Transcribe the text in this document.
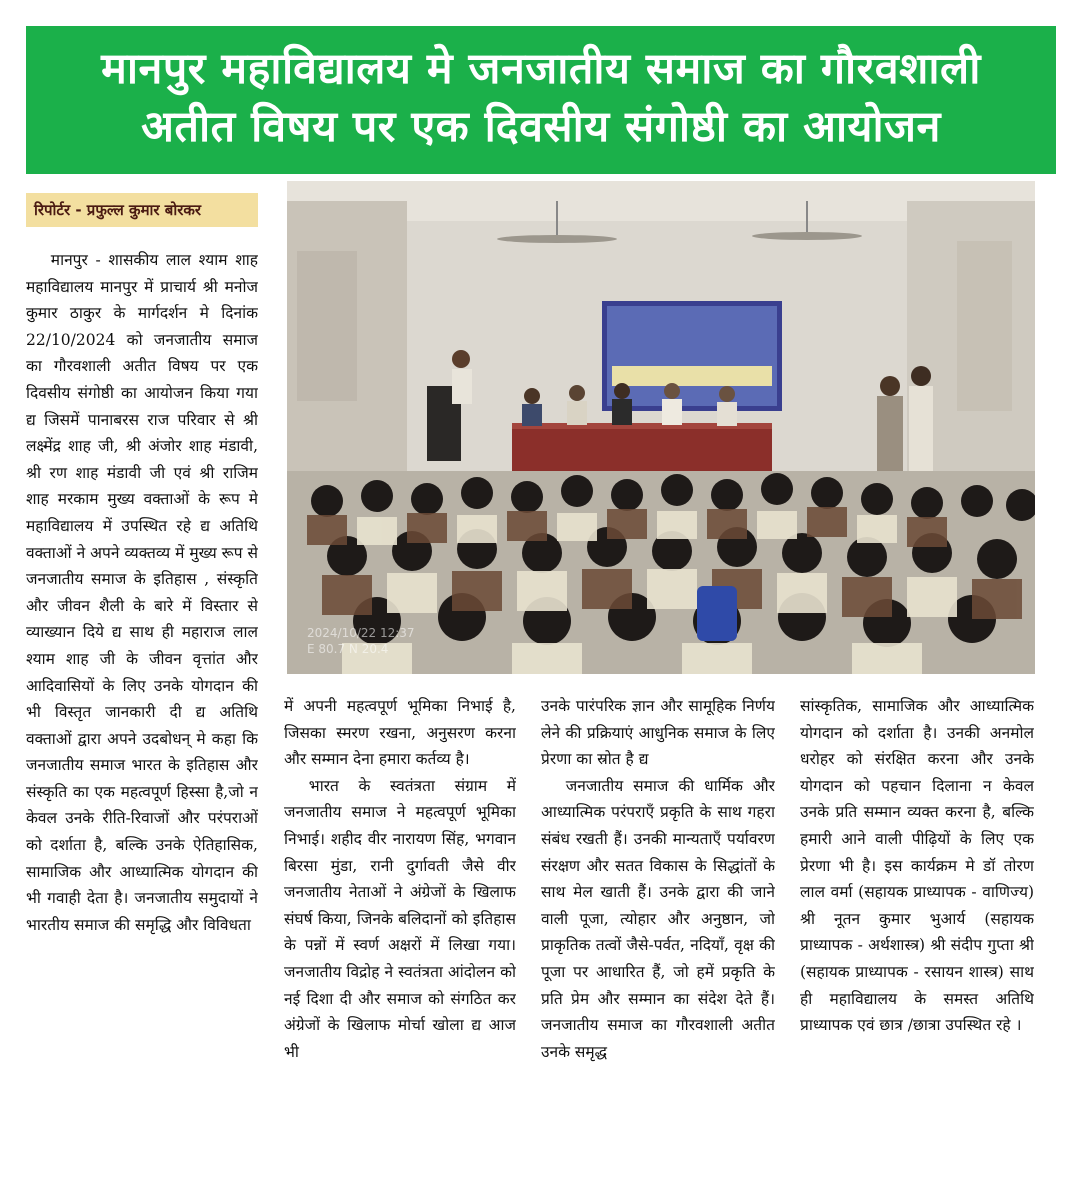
मानपुर महाविद्यालय मे जनजातीय समाज का गौरवशाली
अतीत विषय पर एक दिवसीय संगोष्ठी का आयोजन
रिपोर्टर - प्रफुल्ल कुमार बोरकर
2024/10/22 12:37
E 80.7 N 20.4

मानपुर - शासकीय लाल श्याम शाह महाविद्यालय मानपुर में प्राचार्य श्री मनोज कुमार ठाकुर के मार्गदर्शन मे दिनांक 22/10/2024 को जनजातीय समाज का गौरवशाली अतीत विषय पर एक दिवसीय संगोष्ठी का आयोजन किया गया द्य जिसमें पानाबरस राज परिवार से श्री लक्ष्मेंद्र शाह जी, श्री अंजोर शाह मंडावी, श्री रण शाह मंडावी जी एवं श्री राजिम शाह मरकाम मुख्य वक्ताओं के रूप मे महाविद्यालय में उपस्थित रहे द्य अतिथि वक्ताओं ने अपने व्यक्तव्य में मुख्य रूप से जनजातीय समाज के इतिहास , संस्कृति और जीवन शैली के बारे में विस्तार से व्याख्यान दिये द्य साथ ही महाराज लाल श्याम शाह जी के जीवन वृत्तांत और आदिवासियों के लिए उनके योगदान की भी विस्तृत जानकारी दी द्य अतिथि वक्ताओं द्वारा अपने उदबोधन् मे कहा कि जनजातीय समाज भारत के इतिहास और संस्कृति का एक महत्वपूर्ण हिस्सा है,जो न केवल उनके रीति-रिवाजों और परंपराओं को दर्शाता है, बल्कि उनके ऐतिहासिक, सामाजिक और आध्यात्मिक योगदान की भी गवाही देता है। जनजातीय समुदायों ने भारतीय समाज की समृद्धि और विविधता

में अपनी महत्वपूर्ण भूमिका निभाई है, जिसका स्मरण रखना, अनुसरण करना और सम्मान देना हमारा कर्तव्य है।

भारत के स्वतंत्रता संग्राम में जनजातीय समाज ने महत्वपूर्ण भूमिका निभाई। शहीद वीर नारायण सिंह, भगवान बिरसा मुंडा, रानी दुर्गावती जैसे वीर जनजातीय नेताओं ने अंग्रेजों के खिलाफ संघर्ष किया, जिनके बलिदानों को इतिहास के पन्नों में स्वर्ण अक्षरों में लिखा गया। जनजातीय विद्रोह ने स्वतंत्रता आंदोलन को नई दिशा दी और समाज को संगठित कर अंग्रेजों के खिलाफ मोर्चा खोला द्य आज भी

उनके पारंपरिक ज्ञान और सामूहिक निर्णय लेने की प्रक्रियाएं आधुनिक समाज के लिए प्रेरणा का स्रोत है द्य

जनजातीय समाज की धार्मिक और आध्यात्मिक परंपराएँ प्रकृति के साथ गहरा संबंध रखती हैं। उनकी मान्यताएँ पर्यावरण संरक्षण और सतत विकास के सिद्धांतों के साथ मेल खाती हैं। उनके द्वारा की जाने वाली पूजा, त्योहार और अनुष्ठान, जो प्राकृतिक तत्वों जैसे-पर्वत, नदियाँ, वृक्ष की पूजा पर आधारित हैं, जो हमें प्रकृति के प्रति प्रेम और सम्मान का संदेश देते हैं। जनजातीय समाज का गौरवशाली अतीत उनके समृद्ध

सांस्कृतिक, सामाजिक और आध्यात्मिक योगदान को दर्शाता है। उनकी अनमोल धरोहर को संरक्षित करना और उनके योगदान को पहचान दिलाना न केवल उनके प्रति सम्मान व्यक्त करना है, बल्कि हमारी आने वाली पीढ़ियों के लिए एक प्रेरणा भी है। इस कार्यक्रम मे डॉ तोरण लाल वर्मा (सहायक प्राध्यापक - वाणिज्य) श्री नूतन कुमार भुआर्य (सहायक प्राध्यापक - अर्थशास्त्र) श्री संदीप गुप्ता श्री (सहायक प्राध्यापक - रसायन शास्त्र) साथ ही महाविद्यालय के समस्त अतिथि प्राध्यापक एवं छात्र /छात्रा उपस्थित रहे ।
